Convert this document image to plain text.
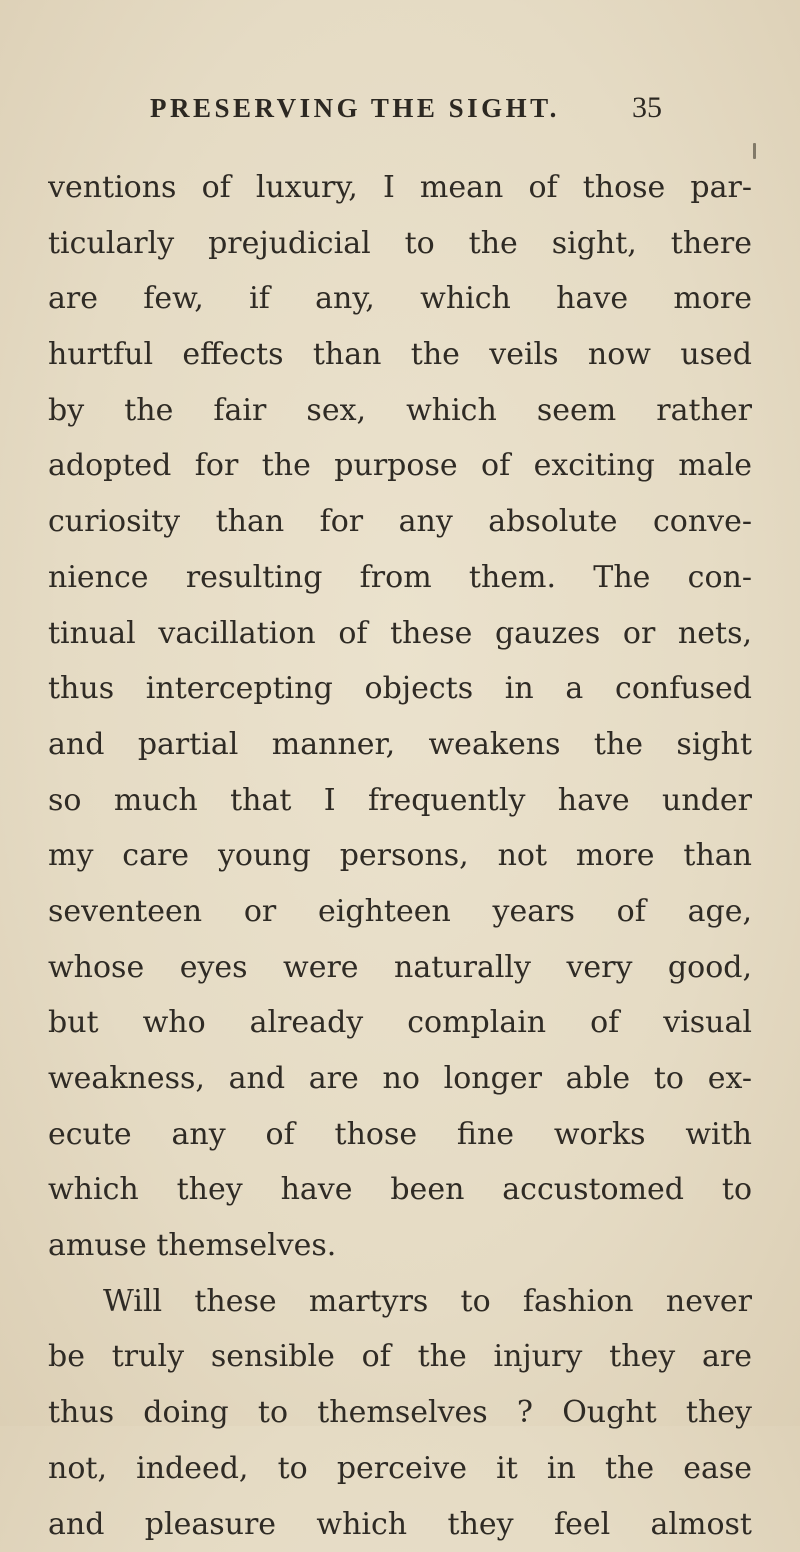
PRESERVING THE SIGHT. 35
ventions of luxury, I mean of those par-
ticularly prejudicial to the sight, there
are few, if any, which have more
hurtful effects than the veils now used
by the fair sex, which seem rather
adopted for the purpose of exciting male
curiosity than for any absolute conve-
nience resulting from them. The con-
tinual vacillation of these gauzes or nets,
thus intercepting objects in a confused
and partial manner, weakens the sight
so much that I frequently have under
my care young persons, not more than
seventeen or eighteen years of age,
whose eyes were naturally very good,
but who already complain of visual
weakness, and are no longer able to ex-
ecute any of those fine works with
which they have been accustomed to
amuse themselves.
Will these martyrs to fashion never
be truly sensible of the injury they are
thus doing to themselves ? Ought they
not, indeed, to perceive it in the ease
and pleasure which they feel almost
